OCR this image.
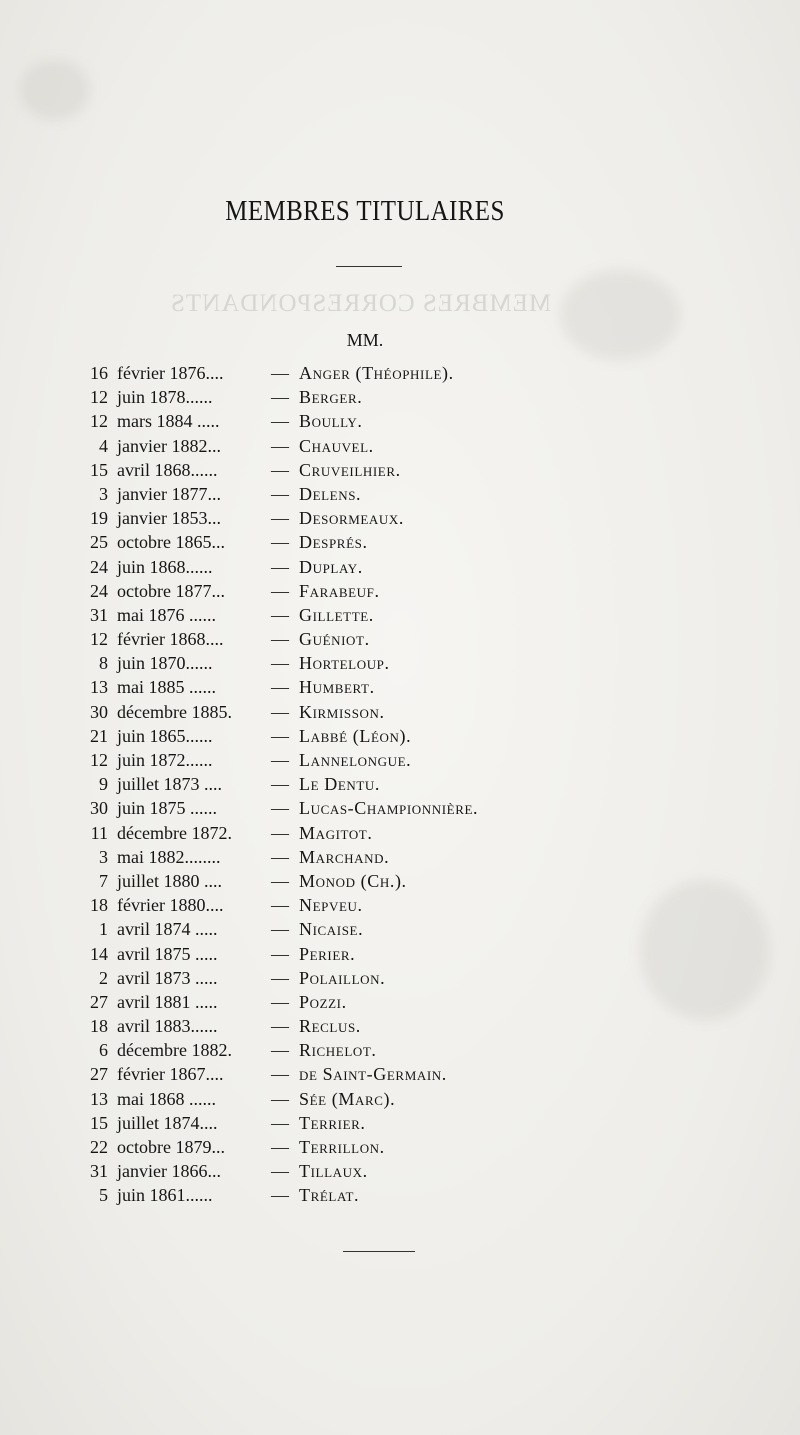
MEMBRES CORRESPONDANTS
MEMBRES TITULAIRES
MM.
16 février 1876....	— Anger (Théophile).
12 juin 1878......	— Berger.
12 mars 1884 .....	— Boully.
4 janvier 1882...	— Chauvel.
15 avril 1868......	— Cruveilhier.
3 janvier 1877...	— Delens.
19 janvier 1853...	— Desormeaux.
25 octobre 1865...	— Després.
24 juin 1868......	— Duplay.
24 octobre 1877...	— Farabeuf.
31 mai 1876 ......	— Gillette.
12 février 1868....	— Guéniot.
8 juin 1870......	— Horteloup.
13 mai 1885 ......	— Humbert.
30 décembre 1885. — Kirmisson.
21 juin 1865......	— Labbé (Léon).
12 juin 1872......	— Lannelongue.
9 juillet 1873 ....	— Le Dentu.
30 juin 1875 ......	— Lucas-Championnière.
11 décembre 1872. — Magitot.
3 mai 1882........	— Marchand.
7 juillet 1880 ....	— Monod (Ch.).
18 février 1880....	— Nepveu.
1 avril 1874 .....	— Nicaise.
14 avril 1875 .....	— Perier.
2 avril 1873 .....	— Polaillon.
27 avril 1881 .....	— Pozzi.
18 avril 1883......	— Reclus.
6 décembre 1882. — Richelot.
27 février 1867....	— de Saint-Germain.
13 mai 1868 ......	— Sée (Marc).
15 juillet 1874....	— Terrier.
22 octobre 1879...	— Terrillon.
31 janvier 1866...	— Tillaux.
5 juin 1861......	— Trélat.
